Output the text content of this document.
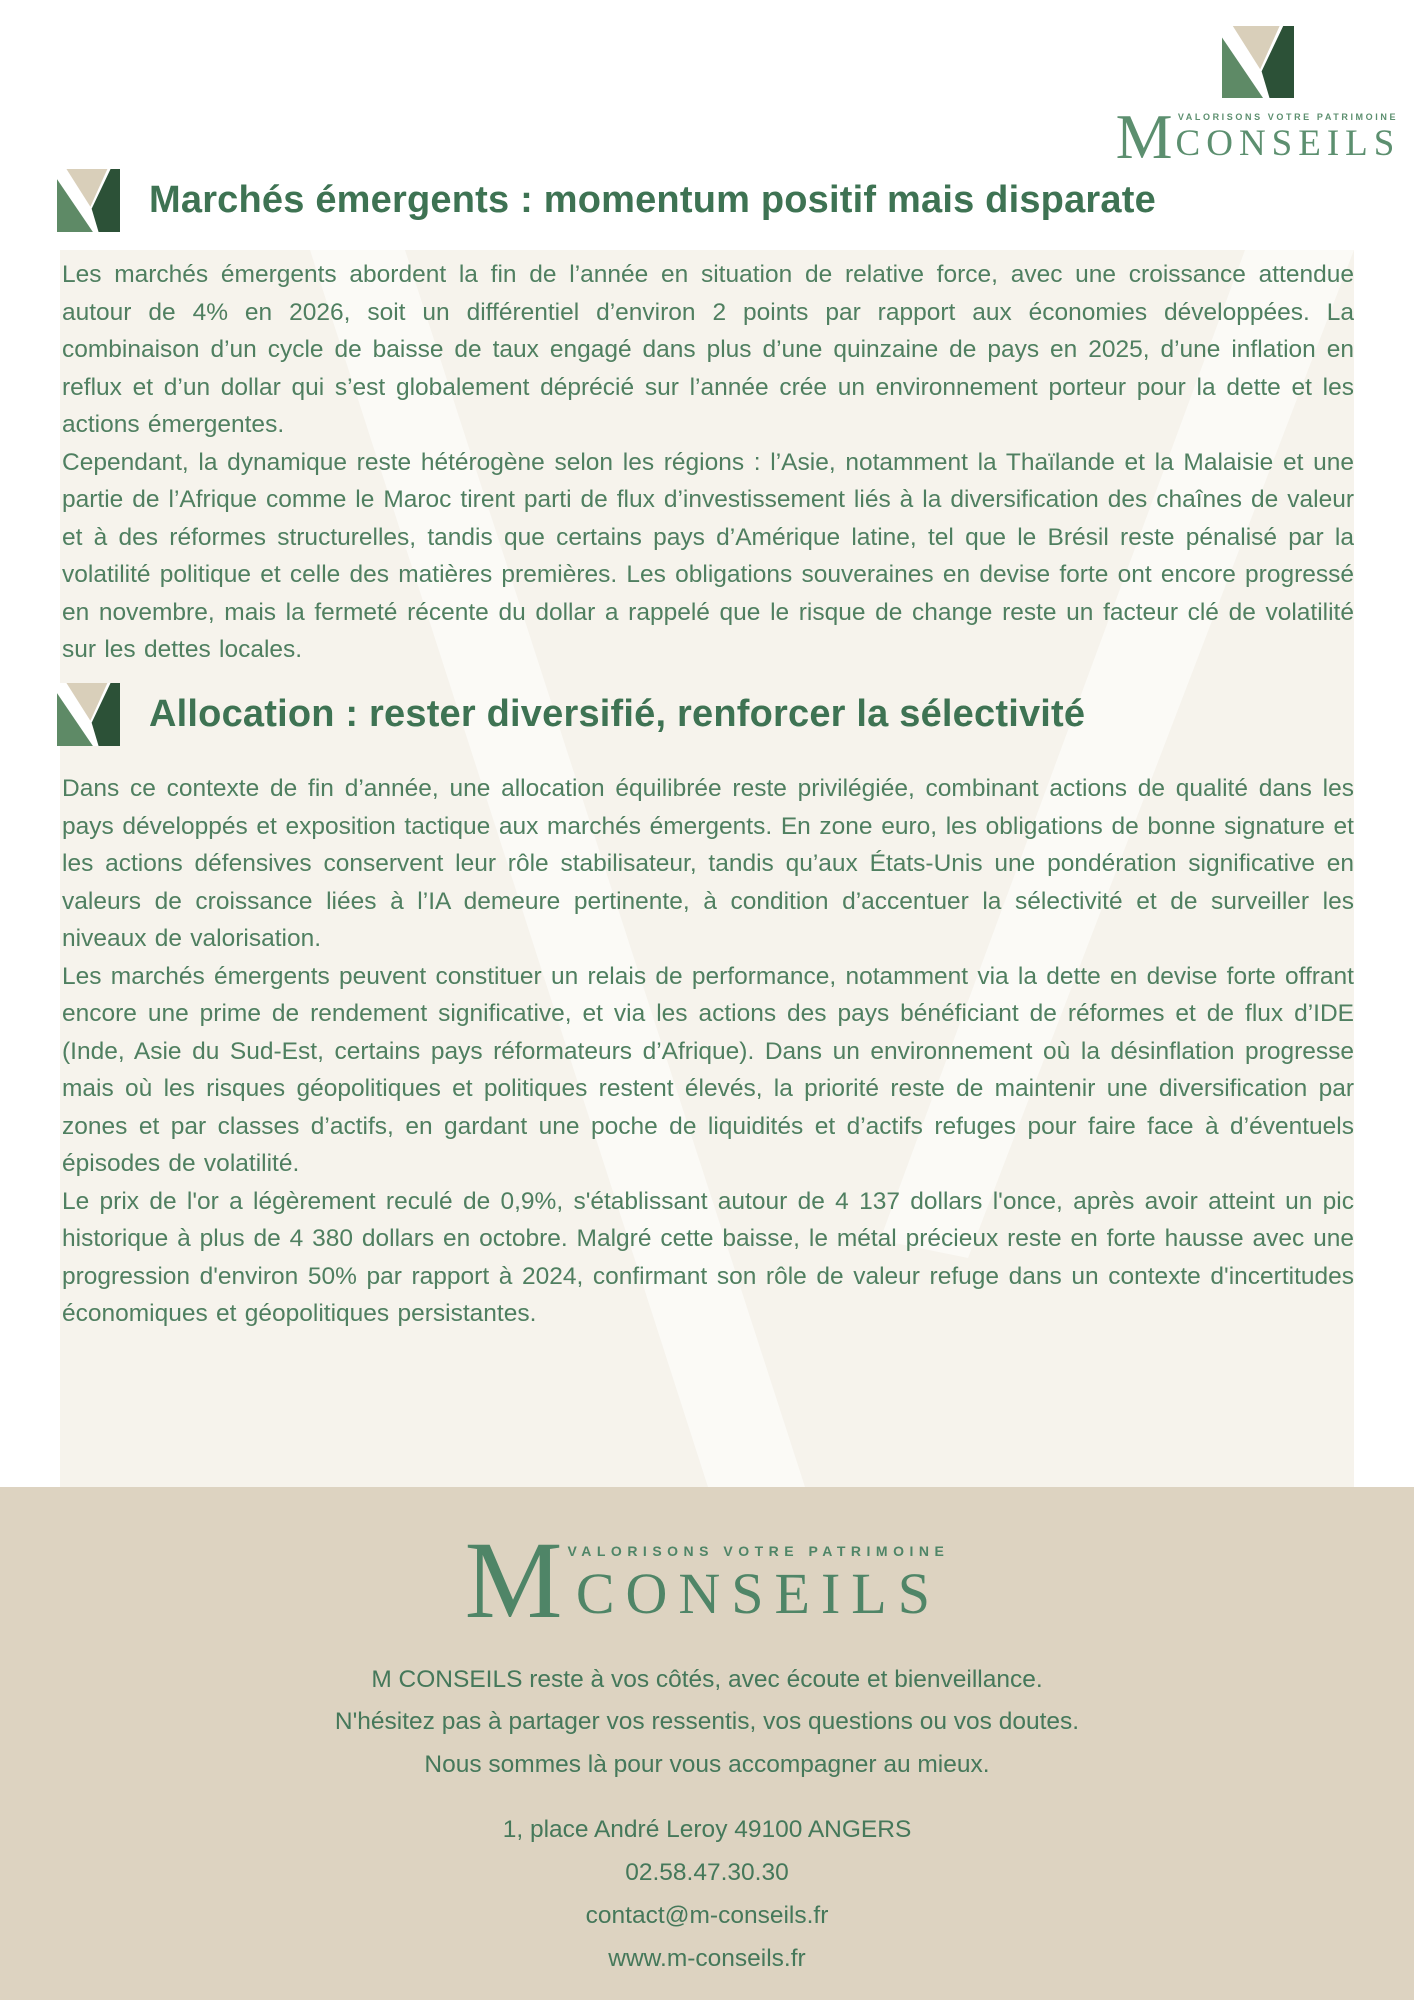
M VALORISONS VOTRE PATRIMOINE
CONSEILS
Marchés émergents : momentum positif mais disparate

Les marchés émergents abordent la fin de l’année en situation de relative force, avec une croissance attendue autour de 4% en 2026, soit un différentiel d’environ 2 points par rapport aux économies développées. La combinaison d’un cycle de baisse de taux engagé dans plus d’une quinzaine de pays en 2025, d’une inflation en reflux et d’un dollar qui s’est globalement déprécié sur l’année crée un environnement porteur pour la dette et les actions émergentes.

Cependant, la dynamique reste hétérogène selon les régions : l’Asie, notamment la Thaïlande et la Malaisie et une partie de l’Afrique comme le Maroc tirent parti de flux d’investissement liés à la diversification des chaînes de valeur et à des réformes structurelles, tandis que certains pays d’Amérique latine, tel que le Brésil reste pénalisé par la volatilité politique et celle des matières premières. Les obligations souveraines en devise forte ont encore progressé en novembre, mais la fermeté récente du dollar a rappelé que le risque de change reste un facteur clé de volatilité sur les dettes locales.

Allocation : rester diversifié, renforcer la sélectivité

Dans ce contexte de fin d’année, une allocation équilibrée reste privilégiée, combinant actions de qualité dans les pays développés et exposition tactique aux marchés émergents. En zone euro, les obligations de bonne signature et les actions défensives conservent leur rôle stabilisateur, tandis qu’aux États-Unis une pondération significative en valeurs de croissance liées à l’IA demeure pertinente, à condition d’accentuer la sélectivité et de surveiller les niveaux de valorisation.

Les marchés émergents peuvent constituer un relais de performance, notamment via la dette en devise forte offrant encore une prime de rendement significative, et via les actions des pays bénéficiant de réformes et de flux d’IDE (Inde, Asie du Sud-Est, certains pays réformateurs d’Afrique). Dans un environnement où la désinflation progresse mais où les risques géopolitiques et politiques restent élevés, la priorité reste de maintenir une diversification par zones et par classes d’actifs, en gardant une poche de liquidités et d’actifs refuges pour faire face à d’éventuels épisodes de volatilité.

Le prix de l'or a légèrement reculé de 0,9%, s'établissant autour de 4 137 dollars l'once, après avoir atteint un pic historique à plus de 4 380 dollars en octobre. Malgré cette baisse, le métal précieux reste en forte hausse avec une progression d'environ 50% par rapport à 2024, confirmant son rôle de valeur refuge dans un contexte d'incertitudes économiques et géopolitiques persistantes.

M VALORISONS VOTRE PATRIMOINE
CONSEILS
M CONSEILS reste à vos côtés, avec écoute et bienveillance.
N'hésitez pas à partager vos ressentis, vos questions ou vos doutes.
Nous sommes là pour vous accompagner au mieux.
1, place André Leroy 49100 ANGERS
02.58.47.30.30
contact@m-conseils.fr
www.m-conseils.fr
